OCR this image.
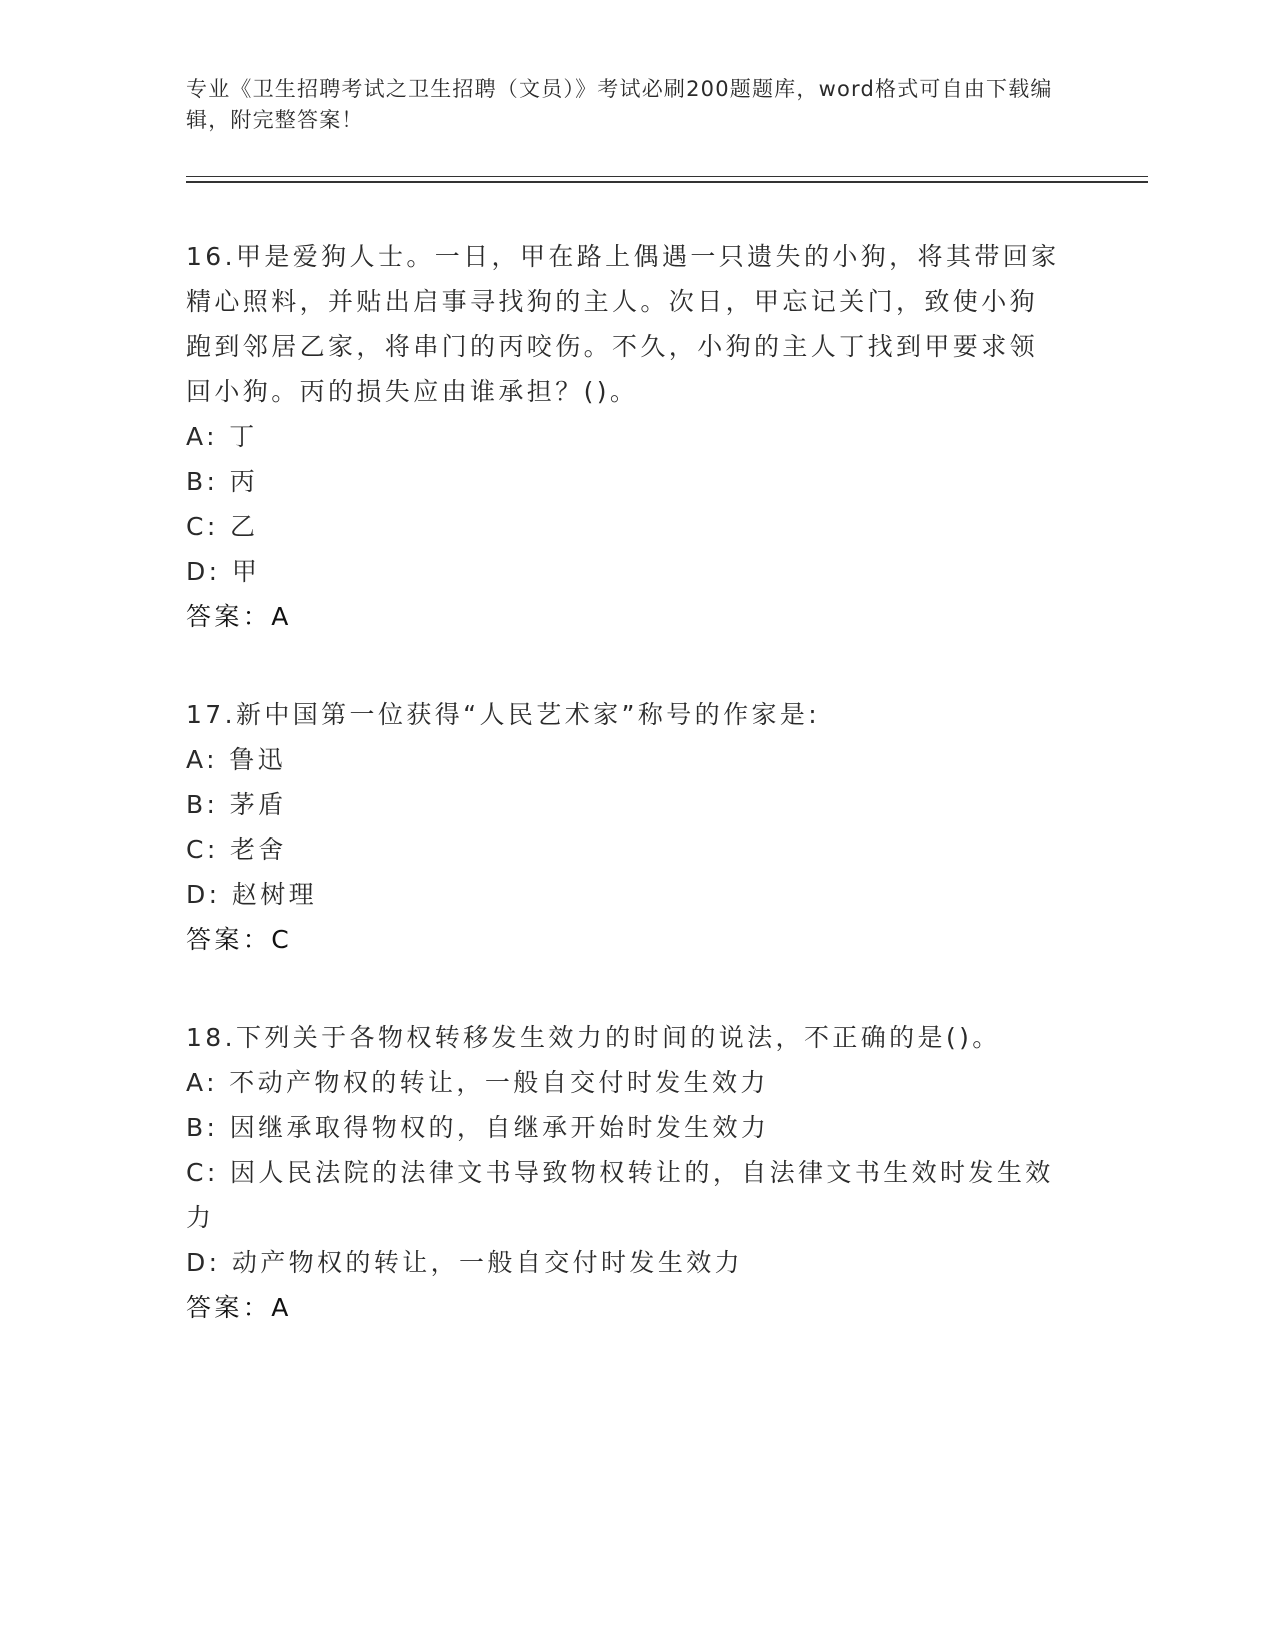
专业《卫生招聘考试之卫生招聘（文员）》考试必刷200题题库，word格式可自由下载编辑，附完整答案！
16.甲是爱狗人士。一日，甲在路上偶遇一只遗失的小狗，将其带回家精心照料，并贴出启事寻找狗的主人。次日，甲忘记关门，致使小狗跑到邻居乙家，将串门的丙咬伤。不久，小狗的主人丁找到甲要求领回小狗。丙的损失应由谁承担？()。
A: 丁
B: 丙
C: 乙
D: 甲
答案：A
17.新中国第一位获得“人民艺术家”称号的作家是:
A: 鲁迅
B: 茅盾
C: 老舍
D: 赵树理
答案：C
18.下列关于各物权转移发生效力的时间的说法，不正确的是()。
A: 不动产物权的转让，一般自交付时发生效力
B: 因继承取得物权的，自继承开始时发生效力
C: 因人民法院的法律文书导致物权转让的，自法律文书生效时发生效力
D: 动产物权的转让，一般自交付时发生效力
答案：A
